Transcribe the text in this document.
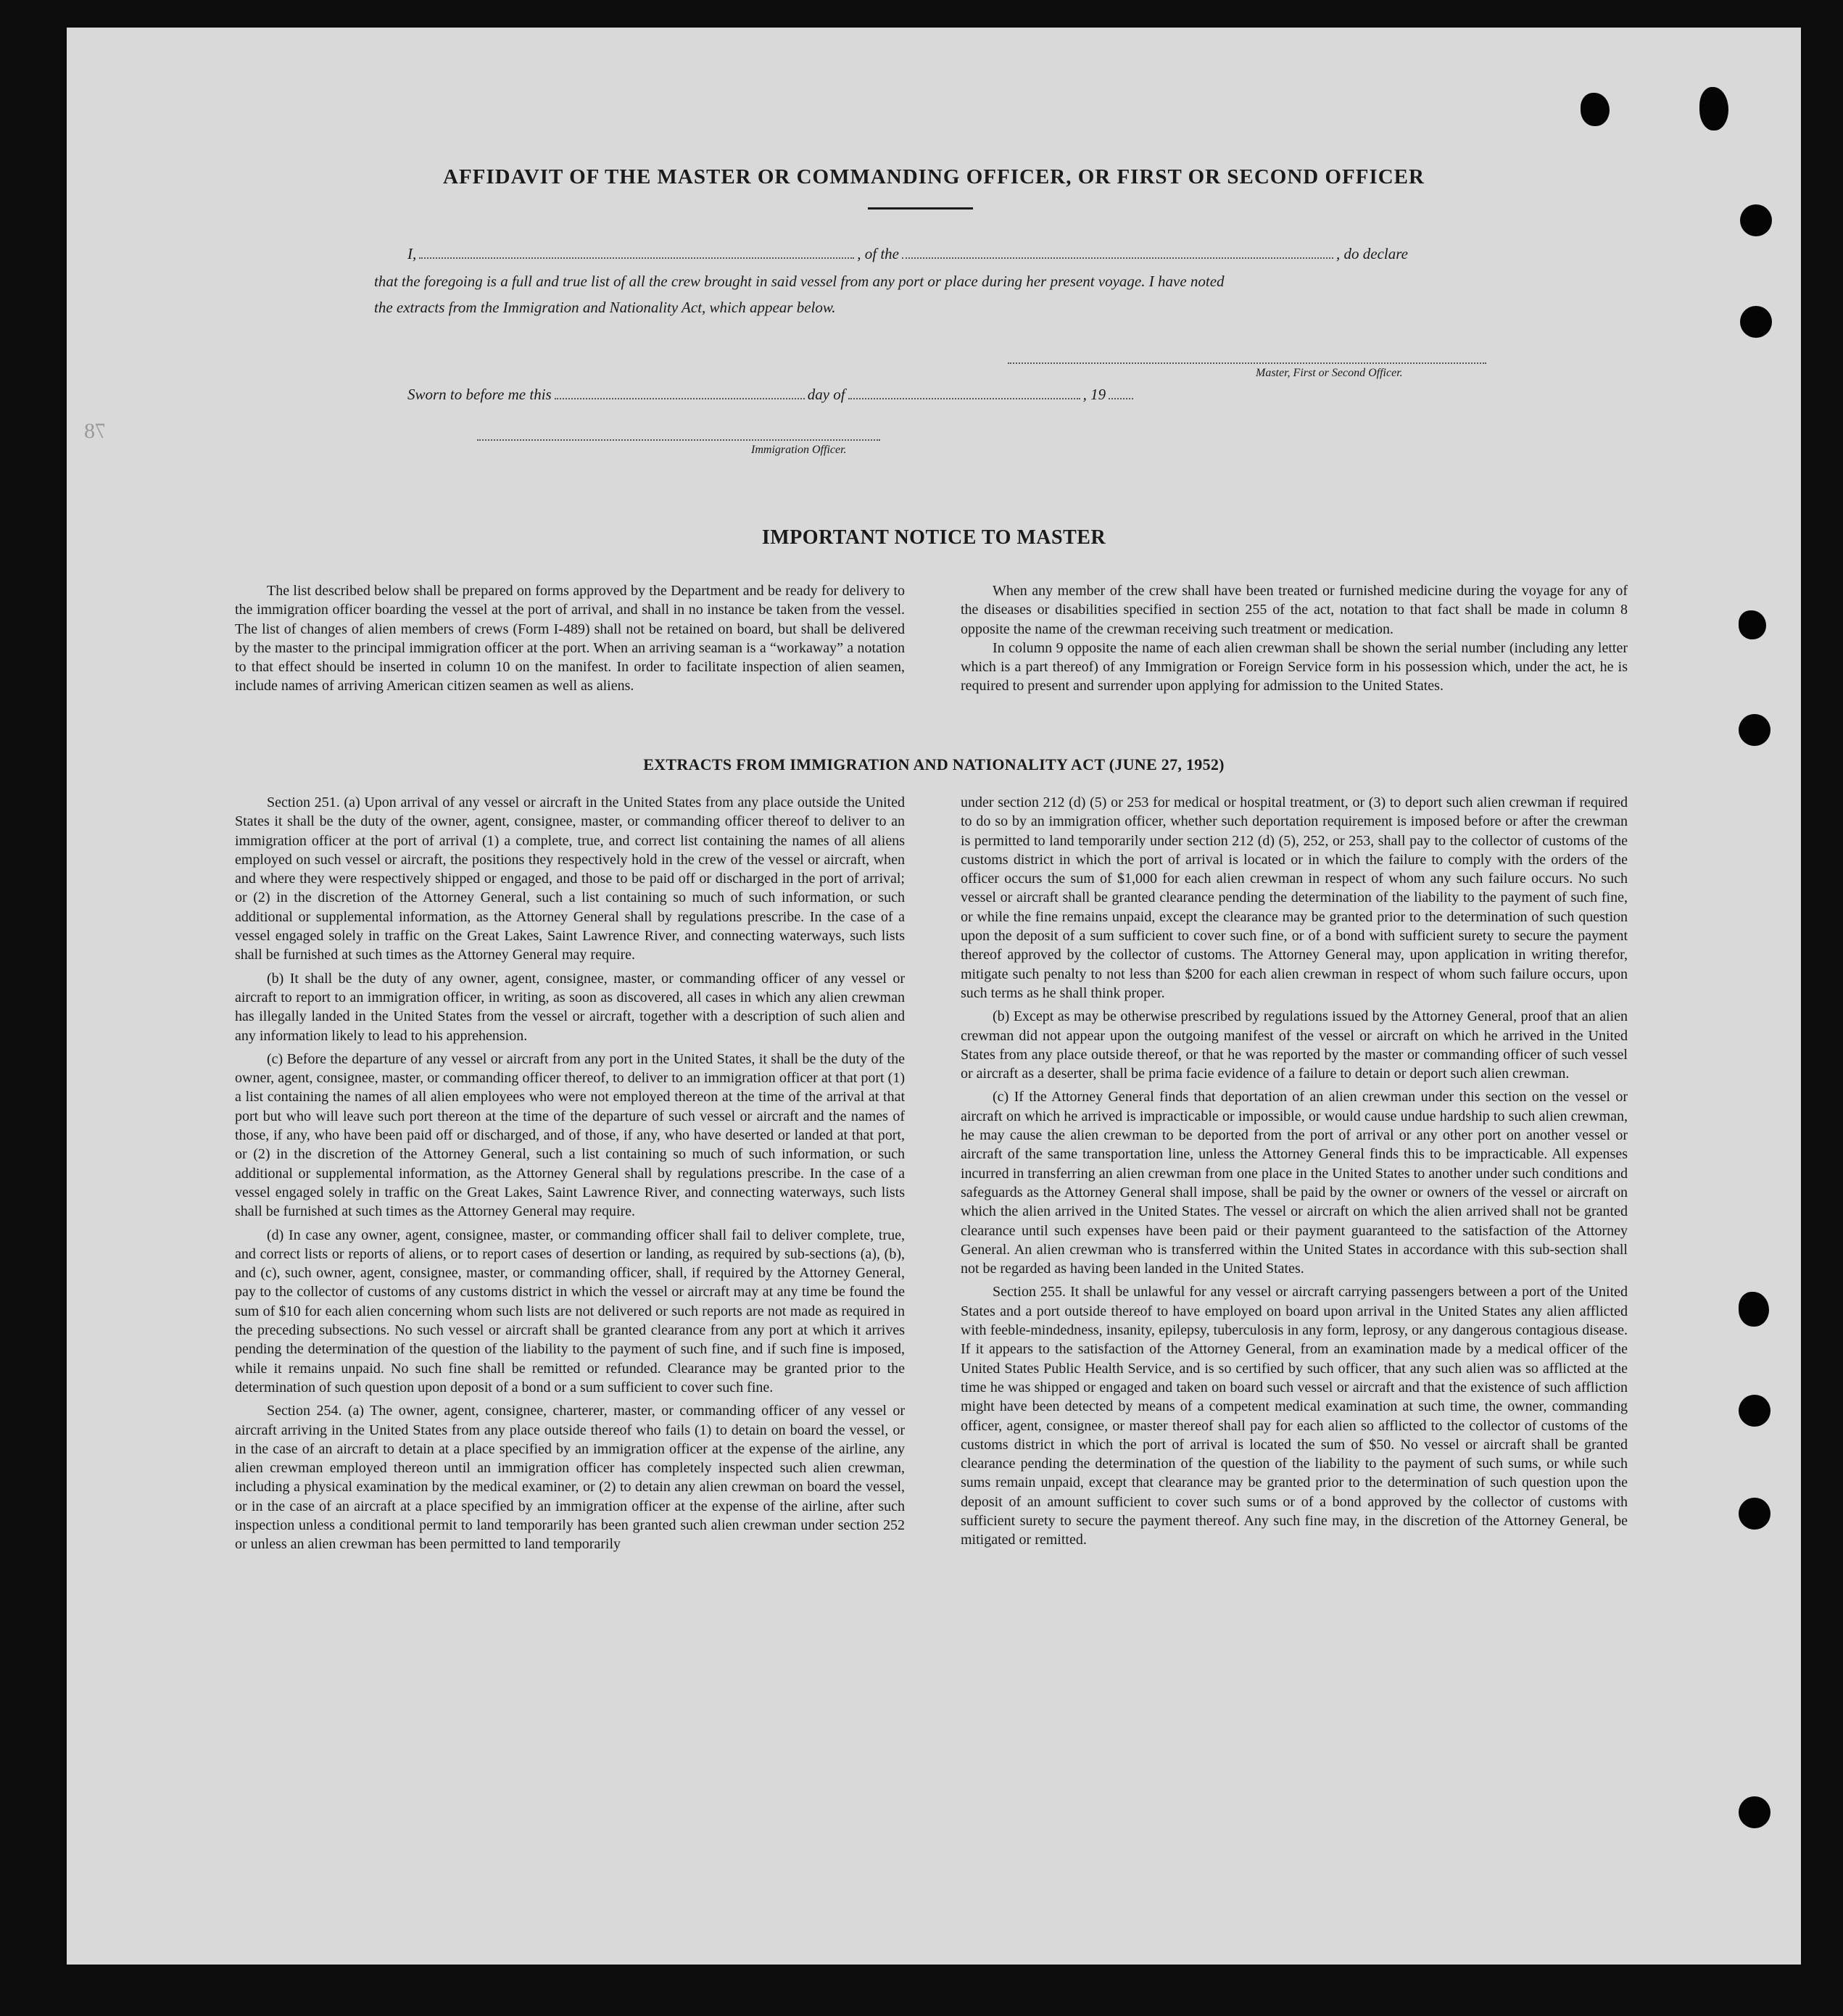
78
AFFIDAVIT OF THE MASTER OR COMMANDING OFFICER, OR FIRST OR SECOND OFFICER
I,	, of the	, do declare
that the foregoing is a full and true list of all the crew brought in said vessel from any port or place during her present voyage. I have noted
the extracts from the Immigration and Nationality Act, which appear below.
Master, First or Second Officer.
Sworn to before me this	day of	, 19
Immigration Officer.
IMPORTANT NOTICE TO MASTER

The list described below shall be prepared on forms approved by the Department and be ready for delivery to the immigration officer boarding the vessel at the port of arrival, and shall in no instance be taken from the vessel. The list of changes of alien members of crews (Form I-489) shall not be retained on board, but shall be delivered by the master to the principal immigration officer at the port. When an arriving seaman is a “workaway” a notation to that effect should be inserted in column 10 on the manifest. In order to facilitate inspection of alien seamen, include names of arriving American citizen seamen as well as aliens.

When any member of the crew shall have been treated or furnished medicine during the voyage for any of the diseases or disabilities specified in section 255 of the act, notation to that fact shall be made in column 8 opposite the name of the crewman receiving such treatment or medication.

In column 9 opposite the name of each alien crewman shall be shown the serial number (including any letter which is a part thereof) of any Immigration or Foreign Service form in his possession which, under the act, he is required to present and surrender upon applying for admission to the United States.

EXTRACTS FROM IMMIGRATION AND NATIONALITY ACT (JUNE 27, 1952)

Section 251. (a) Upon arrival of any vessel or aircraft in the United States from any place outside the United States it shall be the duty of the owner, agent, consignee, master, or commanding officer thereof to deliver to an immigration officer at the port of arrival (1) a complete, true, and correct list containing the names of all aliens employed on such vessel or aircraft, the positions they respectively hold in the crew of the vessel or aircraft, when and where they were respectively shipped or engaged, and those to be paid off or discharged in the port of arrival; or (2) in the discretion of the Attorney General, such a list containing so much of such information, or such additional or supplemental information, as the Attorney General shall by regulations prescribe. In the case of a vessel engaged solely in traffic on the Great Lakes, Saint Lawrence River, and connecting waterways, such lists shall be furnished at such times as the Attorney General may require.

(b) It shall be the duty of any owner, agent, consignee, master, or commanding officer of any vessel or aircraft to report to an immigration officer, in writing, as soon as discovered, all cases in which any alien crewman has illegally landed in the United States from the vessel or aircraft, together with a description of such alien and any information likely to lead to his apprehension.

(c) Before the departure of any vessel or aircraft from any port in the United States, it shall be the duty of the owner, agent, consignee, master, or commanding officer thereof, to deliver to an immigration officer at that port (1) a list containing the names of all alien employees who were not employed thereon at the time of the arrival at that port but who will leave such port thereon at the time of the departure of such vessel or aircraft and the names of those, if any, who have been paid off or discharged, and of those, if any, who have deserted or landed at that port, or (2) in the discretion of the Attorney General, such a list containing so much of such information, or such additional or supplemental information, as the Attorney General shall by regulations prescribe. In the case of a vessel engaged solely in traffic on the Great Lakes, Saint Lawrence River, and connecting waterways, such lists shall be furnished at such times as the Attorney General may require.

(d) In case any owner, agent, consignee, master, or commanding officer shall fail to deliver complete, true, and correct lists or reports of aliens, or to report cases of desertion or landing, as required by sub-sections (a), (b), and (c), such owner, agent, consignee, master, or commanding officer, shall, if required by the Attorney General, pay to the collector of customs of any customs district in which the vessel or aircraft may at any time be found the sum of $10 for each alien concerning whom such lists are not delivered or such reports are not made as required in the preceding subsections. No such vessel or aircraft shall be granted clearance from any port at which it arrives pending the determination of the question of the liability to the payment of such fine, and if such fine is imposed, while it remains unpaid. No such fine shall be remitted or refunded. Clearance may be granted prior to the determination of such question upon deposit of a bond or a sum sufficient to cover such fine.

Section 254. (a) The owner, agent, consignee, charterer, master, or commanding officer of any vessel or aircraft arriving in the United States from any place outside thereof who fails (1) to detain on board the vessel, or in the case of an aircraft to detain at a place specified by an immigration officer at the expense of the airline, any alien crewman employed thereon until an immigration officer has completely inspected such alien crewman, including a physical examination by the medical examiner, or (2) to detain any alien crewman on board the vessel, or in the case of an aircraft at a place specified by an immigration officer at the expense of the airline, after such inspection unless a conditional permit to land temporarily has been granted such alien crewman under section 252 or unless an alien crewman has been permitted to land temporarily

under section 212 (d) (5) or 253 for medical or hospital treatment, or (3) to deport such alien crewman if required to do so by an immigration officer, whether such deportation requirement is imposed before or after the crewman is permitted to land temporarily under section 212 (d) (5), 252, or 253, shall pay to the collector of customs of the customs district in which the port of arrival is located or in which the failure to comply with the orders of the officer occurs the sum of $1,000 for each alien crewman in respect of whom any such failure occurs. No such vessel or aircraft shall be granted clearance pending the determination of the liability to the payment of such fine, or while the fine remains unpaid, except the clearance may be granted prior to the determination of such question upon the deposit of a sum sufficient to cover such fine, or of a bond with sufficient surety to secure the payment thereof approved by the collector of customs. The Attorney General may, upon application in writing therefor, mitigate such penalty to not less than $200 for each alien crewman in respect of whom such failure occurs, upon such terms as he shall think proper.

(b) Except as may be otherwise prescribed by regulations issued by the Attorney General, proof that an alien crewman did not appear upon the outgoing manifest of the vessel or aircraft on which he arrived in the United States from any place outside thereof, or that he was reported by the master or commanding officer of such vessel or aircraft as a deserter, shall be prima facie evidence of a failure to detain or deport such alien crewman.

(c) If the Attorney General finds that deportation of an alien crewman under this section on the vessel or aircraft on which he arrived is impracticable or impossible, or would cause undue hardship to such alien crewman, he may cause the alien crewman to be deported from the port of arrival or any other port on another vessel or aircraft of the same transportation line, unless the Attorney General finds this to be impracticable. All expenses incurred in transferring an alien crewman from one place in the United States to another under such conditions and safeguards as the Attorney General shall impose, shall be paid by the owner or owners of the vessel or aircraft on which the alien arrived in the United States. The vessel or aircraft on which the alien arrived shall not be granted clearance until such expenses have been paid or their payment guaranteed to the satisfaction of the Attorney General. An alien crewman who is transferred within the United States in accordance with this sub-section shall not be regarded as having been landed in the United States.

Section 255. It shall be unlawful for any vessel or aircraft carrying passengers between a port of the United States and a port outside thereof to have employed on board upon arrival in the United States any alien afflicted with feeble-mindedness, insanity, epilepsy, tuberculosis in any form, leprosy, or any dangerous contagious disease. If it appears to the satisfaction of the Attorney General, from an examination made by a medical officer of the United States Public Health Service, and is so certified by such officer, that any such alien was so afflicted at the time he was shipped or engaged and taken on board such vessel or aircraft and that the existence of such affliction might have been detected by means of a competent medical examination at such time, the owner, commanding officer, agent, consignee, or master thereof shall pay for each alien so afflicted to the collector of customs of the customs district in which the port of arrival is located the sum of $50. No vessel or aircraft shall be granted clearance pending the determination of the question of the liability to the payment of such sums, or while such sums remain unpaid, except that clearance may be granted prior to the determination of such question upon the deposit of an amount sufficient to cover such sums or of a bond approved by the collector of customs with sufficient surety to secure the payment thereof. Any such fine may, in the discretion of the Attorney General, be mitigated or remitted.
